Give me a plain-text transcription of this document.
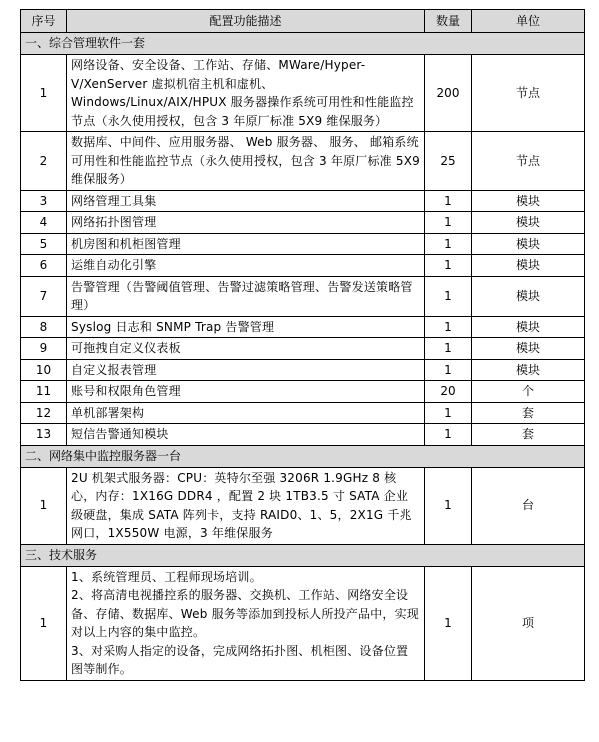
序号	配置功能描述	数量	单位
一、综合管理软件一套			
1	网络设备、安全设备、工作站、存储、MWare/Hyper-V/XenServer 虚拟机宿主机和虚机、Windows/Linux/AIX/HPUX 服务器操作系统可用性和性能监控节点（永久使用授权，包含 3 年原厂标准 5X9 维保服务）	200	节点
2	数据库、中间件、应用服务器、 Web 服务器、 服务、 邮箱系统可用性和性能监控节点（永久使用授权，包含 3 年原厂标准 5X9 维保服务）	25	节点
3	网络管理工具集	1	模块
4	网络拓扑图管理	1	模块
5	机房图和机柜图管理	1	模块
6	运维自动化引擎	1	模块
7	告警管理（告警阈值管理、告警过滤策略管理、告警发送策略管理）	1	模块
8	Syslog 日志和 SNMP Trap 告警管理	1	模块
9	可拖拽自定义仪表板	1	模块
10	自定义报表管理	1	模块
11	账号和权限角色管理	20	个
12	单机部署架构	1	套
13	短信告警通知模块	1	套
二、网络集中监控服务器一台			
1	2U 机架式服务器：CPU：英特尔至强 3206R 1.9GHz 8 核心，内存：1X16G DDR4 ，配置 2 块 1TB3.5 寸 SATA 企业级硬盘，集成 SATA 阵列卡，支持 RAID0、1、5，2X1G 千兆网口，1X550W 电源，3 年维保服务	1	台
三、技术服务			
1	1、系统管理员、工程师现场培训。
2、将高清电视播控系的服务器、交换机、工作站、网络安全设备、存储、数据库、Web 服务等添加到投标人所投产品中，实现对以上内容的集中监控。
3、对采购人指定的设备，完成网络拓扑图、机柜图、设备位置图等制作。	1	项
